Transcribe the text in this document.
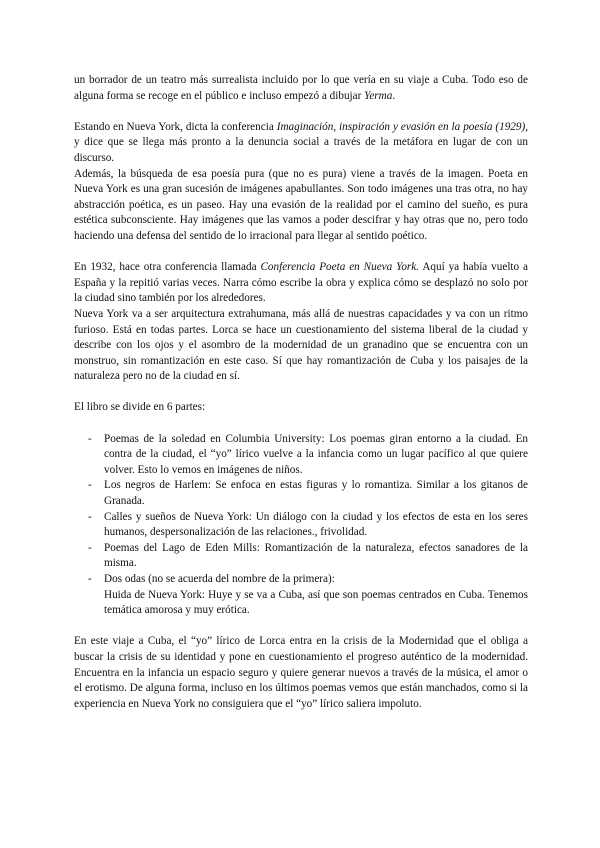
un borrador de un teatro más surrealista incluido por lo que vería en su viaje a Cuba. Todo eso de alguna forma se recoge en el público e incluso empezó a dibujar Yerma.

Estando en Nueva York, dicta la conferencia Imaginación, inspiración y evasión en la poesía (1929), y dice que se llega más pronto a la denuncia social a través de la metáfora en lugar de con un discurso.

Además, la búsqueda de esa poesía pura (que no es pura) viene a través de la imagen. Poeta en Nueva York es una gran sucesión de imágenes apabullantes. Son todo imágenes una tras otra, no hay abstracción poética, es un paseo. Hay una evasión de la realidad por el camino del sueño, es pura estética subconsciente. Hay imágenes que las vamos a poder descifrar y hay otras que no, pero todo haciendo una defensa del sentido de lo irracional para llegar al sentido poético.

En 1932, hace otra conferencia llamada Conferencia Poeta en Nueva York. Aquí ya había vuelto a España y la repitió varias veces. Narra cómo escribe la obra y explica cómo se desplazó no solo por la ciudad sino también por los alrededores.

Nueva York va a ser arquitectura extrahumana, más allá de nuestras capacidades y va con un ritmo furioso. Está en todas partes. Lorca se hace un cuestionamiento del sistema liberal de la ciudad y describe con los ojos y el asombro de la modernidad de un granadino que se encuentra con un monstruo, sin romantización en este caso. Sí que hay romantización de Cuba y los paisajes de la naturaleza pero no de la ciudad en sí.

El libro se divide en 6 partes:

- Poemas de la soledad en Columbia University: Los poemas giran entorno a la ciudad. En contra de la ciudad, el “yo” lírico vuelve a la infancia como un lugar pacífico al que quiere volver. Esto lo vemos en imágenes de niños.
- Los negros de Harlem: Se enfoca en estas figuras y lo romantiza. Similar a los gitanos de Granada.
- Calles y sueños de Nueva York: Un diálogo con la ciudad y los efectos de esta en los seres humanos, despersonalización de las relaciones., frivolidad.
- Poemas del Lago de Eden Mills: Romantización de la naturaleza, efectos sanadores de la misma.
- Dos odas (no se acuerda del nombre de la primera):
Huida de Nueva York: Huye y se va a Cuba, así que son poemas centrados en Cuba. Tenemos temática amorosa y muy erótica.

En este viaje a Cuba, el “yo” lírico de Lorca entra en la crisis de la Modernidad que el obliga a buscar la crisis de su identidad y pone en cuestionamiento el progreso auténtico de la modernidad. Encuentra en la infancia un espacio seguro y quiere generar nuevos a través de la música, el amor o el erotismo. De alguna forma, incluso en los últimos poemas vemos que están manchados, como si la experiencia en Nueva York no consiguiera que el “yo” lírico saliera impoluto.
